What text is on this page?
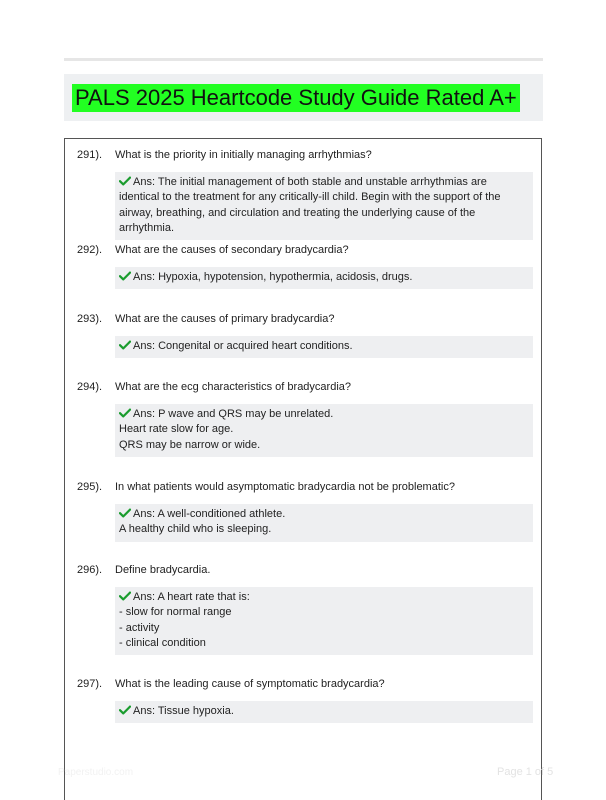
PALS 2025 Heartcode Study Guide Rated A+
291). What is the priority in initially managing arrhythmias?
Ans: The initial management of both stable and unstable arrhythmias are identical to the treatment for any critically-ill child. Begin with the support of the airway, breathing, and circulation and treating the underlying cause of the arrhythmia.
292). What are the causes of secondary bradycardia?
Ans: Hypoxia, hypotension, hypothermia, acidosis, drugs.
293). What are the causes of primary bradycardia?
Ans: Congenital or acquired heart conditions.
294). What are the ecg characteristics of bradycardia?
Ans: P wave and QRS may be unrelated.
Heart rate slow for age.
QRS may be narrow or wide.
295). In what patients would asymptomatic bradycardia not be problematic?
Ans: A well-conditioned athlete.
A healthy child who is sleeping.
296). Define bradycardia.
Ans: A heart rate that is:
- slow for normal range
- activity
- clinical condition
297). What is the leading cause of symptomatic bradycardia?
Ans: Tissue hypoxia.
Paperstudio.com	Page 1 of 5
